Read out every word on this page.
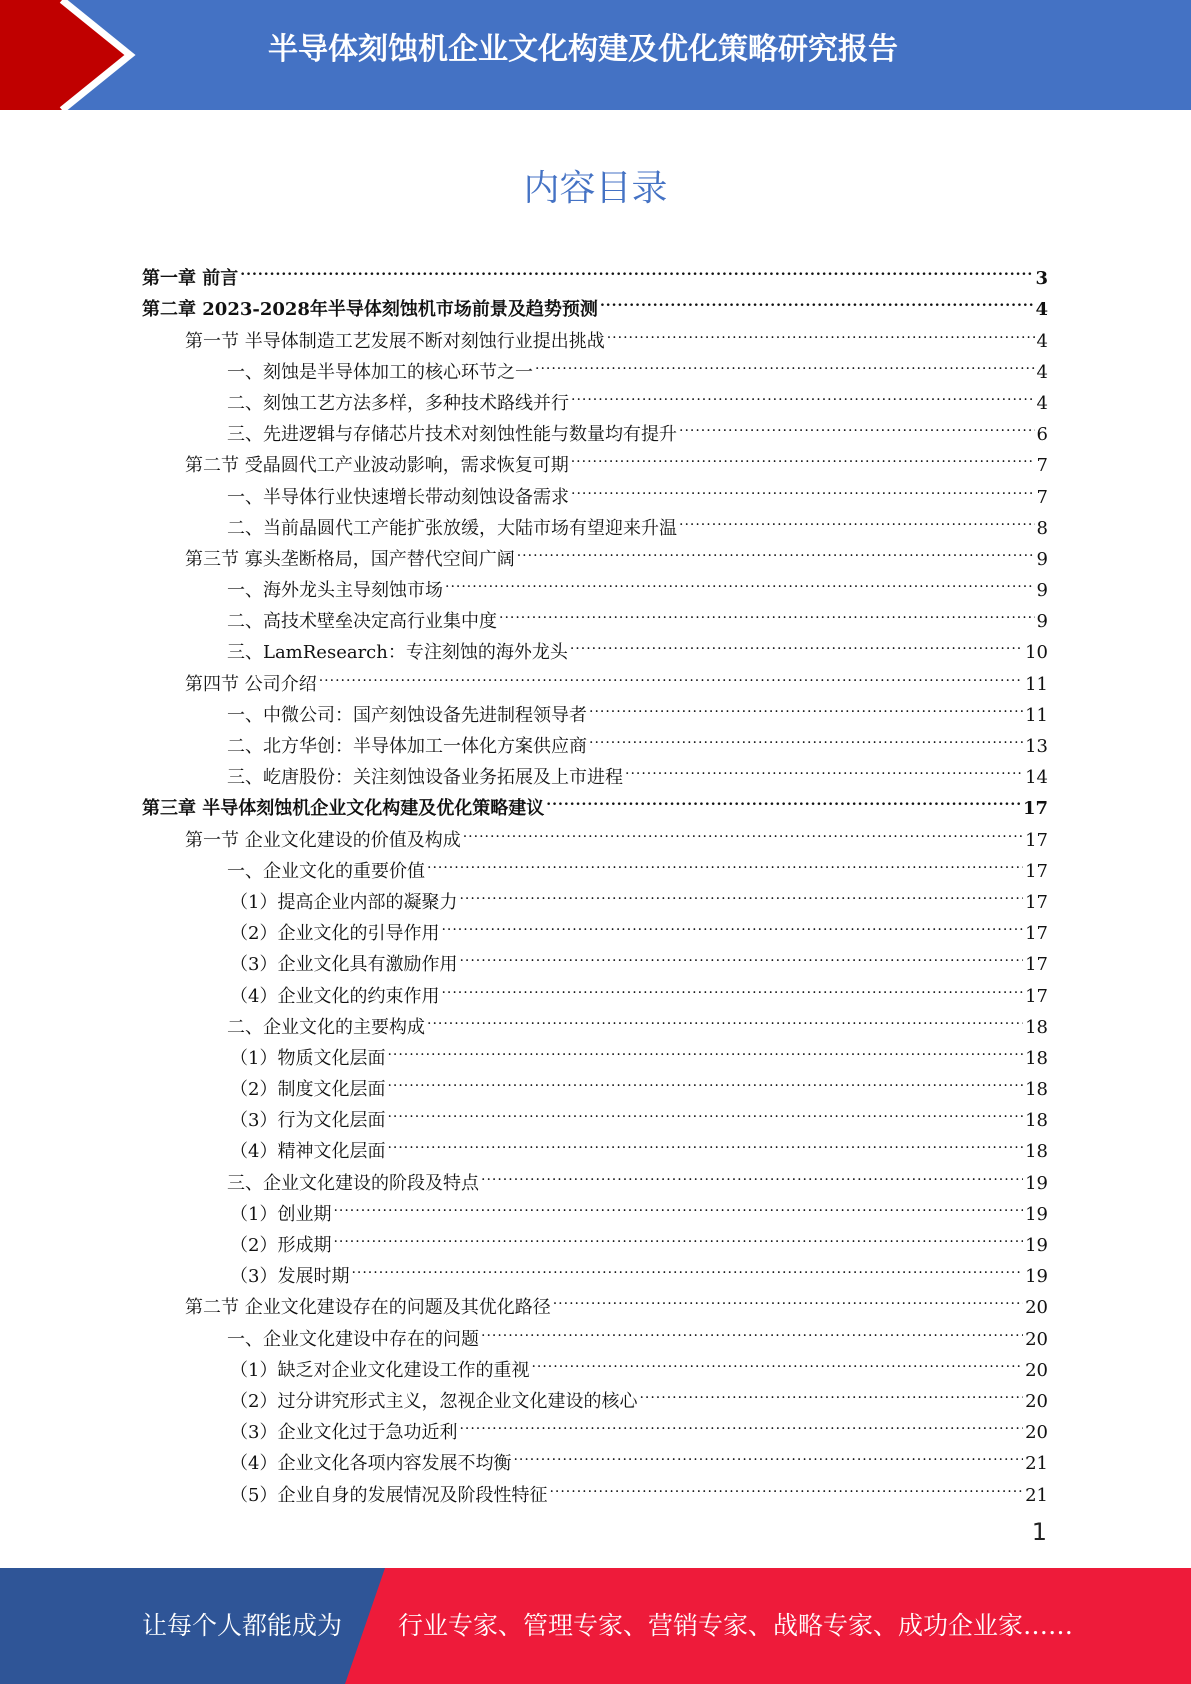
半导体刻蚀机企业文化构建及优化策略研究报告
内容目录
第一章 前言 .....	3
第二章 2023-2028年半导体刻蚀机市场前景及趋势预测 .....	4
第一节 半导体制造工艺发展不断对刻蚀行业提出挑战 .....	4
一、刻蚀是半导体加工的核心环节之一 .....	4
二、刻蚀工艺方法多样，多种技术路线并行 .....	4
三、先进逻辑与存储芯片技术对刻蚀性能与数量均有提升 .....	6
第二节 受晶圆代工产业波动影响，需求恢复可期 .....	7
一、半导体行业快速增长带动刻蚀设备需求 .....	7
二、当前晶圆代工产能扩张放缓，大陆市场有望迎来升温 .....	8
第三节 寡头垄断格局，国产替代空间广阔 .....	9
一、海外龙头主导刻蚀市场 .....	9
二、高技术壁垒决定高行业集中度 .....	9
三、LamResearch：专注刻蚀的海外龙头 .....	10
第四节 公司介绍 .....	11
一、中微公司：国产刻蚀设备先进制程领导者 .....	11
二、北方华创：半导体加工一体化方案供应商 .....	13
三、屹唐股份：关注刻蚀设备业务拓展及上市进程 .....	14
第三章 半导体刻蚀机企业文化构建及优化策略建议 .....	17
第一节 企业文化建设的价值及构成 .....	17
一、企业文化的重要价值 .....	17
（1）提高企业内部的凝聚力 .....	17
（2）企业文化的引导作用 .....	17
（3）企业文化具有激励作用 .....	17
（4）企业文化的约束作用 .....	17
二、企业文化的主要构成 .....	18
（1）物质文化层面 .....	18
（2）制度文化层面 .....	18
（3）行为文化层面 .....	18
（4）精神文化层面 .....	18
三、企业文化建设的阶段及特点 .....	19
（1）创业期 .....	19
（2）形成期 .....	19
（3）发展时期 .....	19
第二节 企业文化建设存在的问题及其优化路径 .....	20
一、企业文化建设中存在的问题 .....	20
（1）缺乏对企业文化建设工作的重视 .....	20
（2）过分讲究形式主义，忽视企业文化建设的核心 .....	20
（3）企业文化过于急功近利 .....	20
（4）企业文化各项内容发展不均衡 .....	21
（5）企业自身的发展情况及阶段性特征 .....	21
1
让每个人都能成为 行业专家、管理专家、营销专家、战略专家、成功企业家……
